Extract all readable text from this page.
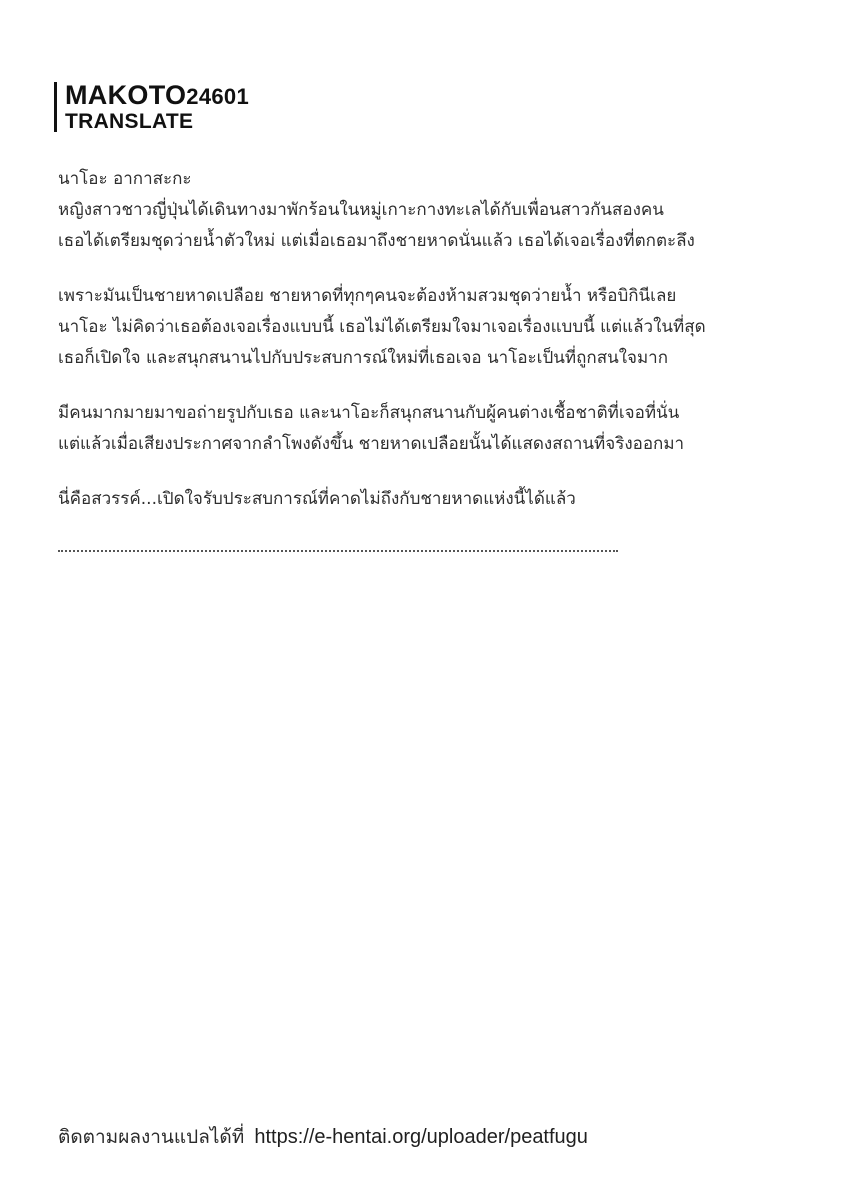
MAKOTO24601
TRANSLATE
นาโอะ อากาสะกะ
หญิงสาวชาวญี่ปุ่นได้เดินทางมาพักร้อนในหมู่เกาะกางทะเลได้กับเพื่อนสาวกันสองคน
เธอได้เตรียมชุดว่ายน้ำตัวใหม่ แต่เมื่อเธอมาถึงชายหาดนั่นแล้ว เธอได้เจอเรื่องที่ตกตะลึง
เพราะมันเป็นชายหาดเปลือย ชายหาดที่ทุกๆคนจะต้องห้ามสวมชุดว่ายน้ำ หรือบิกินีเลย
นาโอะ ไม่คิดว่าเธอต้องเจอเรื่องแบบนี้ เธอไม่ได้เตรียมใจมาเจอเรื่องแบบนี้ แต่แล้วในที่สุด
เธอก็เปิดใจ และสนุกสนานไปกับประสบการณ์ใหม่ที่เธอเจอ นาโอะเป็นที่ถูกสนใจมาก
มีคนมากมายมาขอถ่ายรูปกับเธอ และนาโอะก็สนุกสนานกับผู้คนต่างเชื้อชาติที่เจอที่นั่น
แต่แล้วเมื่อเสียงประกาศจากลำโพงดังขึ้น ชายหาดเปลือยนั้นได้แสดงสถานที่จริงออกมา
นี่คือสวรรค์...เปิดใจรับประสบการณ์ที่คาดไม่ถึงกับชายหาดแห่งนี้ได้แล้ว
ติดตามผลงานแปลได้ที่ https://e-hentai.org/uploader/peatfugu
